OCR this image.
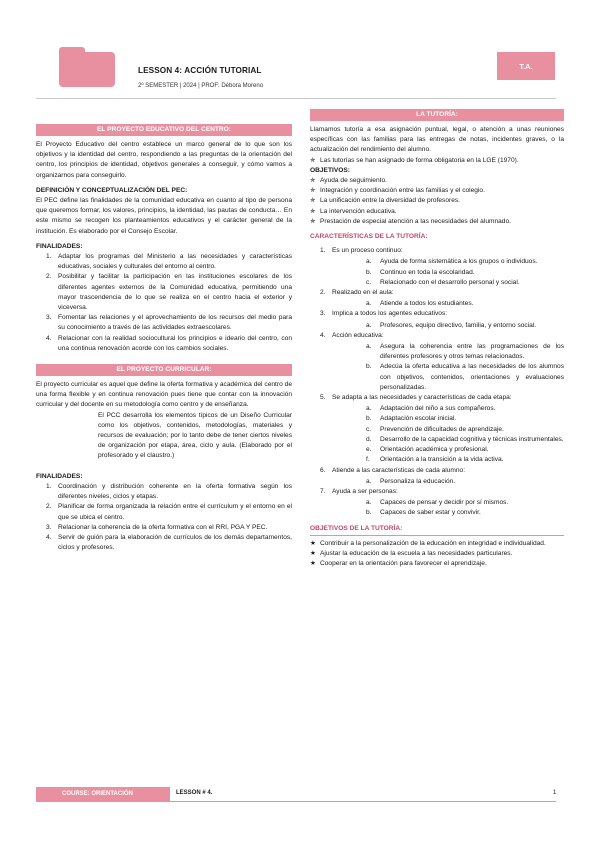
LESSON 4: ACCIÓN TUTORIAL
2º SEMESTER | 2024 | PROF: Débora Moreno
T.A.
EL PROYECTO EDUCATIVO DEL CENTRO:

El Proyecto Educativo del centro establece un marco general de lo que son los objetivos y la identidad del centro, respondiendo a las preguntas de la orientación del centro, los principios de identidad, objetivos generales a conseguir, y cómo vamos a organizarnos para conseguirlo.

DEFINICIÓN Y CONCEPTUALIZACIÓN DEL PEC:

El PEC define las finalidades de la comunidad educativa en cuanto al tipo de persona que queremos formar, los valores, principios, la identidad, las pautas de conducta… En este mismo se recogen los planteamientos educativos y el carácter general de la institución. Es elaborado por el Consejo Escolar.

FINALIDADES:
1. Adaptar los programas del Ministerio a las necesidades y características educativas, sociales y culturales del entorno al centro.
2. Posibilitar y facilitar la participación en las instituciones escolares de los diferentes agentes externos de la Comunidad educativa, permitiendo una mayor trascendencia de lo que se realiza en el centro hacia el exterior y viceversa.
3. Fomentar las relaciones y el aprovechamiento de los recursos del medio para su conocimiento a través de las actividades extraescolares.
4. Relacionar con la realidad sociocultural los principios e ideario del centro, con una continua renovación acorde con los cambios sociales.
EL PROYECTO CURRICULAR:

El proyecto curricular es aquel que define la oferta formativa y académica del centro de una forma flexible y en continua renovación pues tiene que contar con la innovación curricular y del docente en su metodología como centro y de enseñanza.

El PCC desarrolla los elementos típicos de un Diseño Curricular como los objetivos, contenidos, metodologías, materiales y recursos de evaluación; por lo tanto debe de tener ciertos niveles de organización por etapa, área, ciclo y aula. (Elaborado por el profesorado y el claustro.)

FINALIDADES:
1. Coordinación y distribución coherente en la oferta formativa según los diferentes niveles, ciclos y etapas.
2. Planificar de forma organizada la relación entre el currículum y el entorno en el que se ubica el centro.
3. Relacionar la coherencia de la oferta formativa con el RRI, PGA Y PEC.
4. Servir de guión para la elaboración de currículos de los demás departamentos, ciclos y profesores.
LA TUTORÍA:

Llamamos tutoría a esa asignación puntual, legal, o atención a unas reuniones específicas con las familias para las entregas de notas, incidentes graves, o la actualización del rendimiento del alumno.

✯ Las tutorías se han asignado de forma obligatoria en la LGE (1970).
OBJETIVOS:
✯ Ayuda de seguimiento.
✯ Integración y coordinación entre las familias y el colegio.
✯ La unificación entre la diversidad de profesores.
✯ La intervención educativa.
✯ Prestación de especial atención a las necesidades del alumnado.
CARACTERÍSTICAS DE LA TUTORÍA:
1. Es un proceso continuo:
a. Ayuda de forma sistemática a los grupos o individuos.
b. Continuo en toda la escolaridad.
c. Relacionado con el desarrollo personal y social.
2. Realizado en el aula:
a. Atiende a todos los estudiantes.
3. Implica a todos los agentes educativos:
a. Profesores, equipo directivo, familia, y entorno social.
4. Acción educativa:
a. Asegura la coherencia entre las programaciones de los diferentes profesores y otros temas relacionados.
b. Adecúa la oferta educativa a las necesidades de los alumnos con objetivos, contenidos, orientaciones y evaluaciones personalizadas.
5. Se adapta a las necesidades y características de cada etapa:
a. Adaptación del niño a sus compañeros.
b. Adaptación escolar inicial.
c. Prevención de dificultades de aprendizaje.
d. Desarrollo de la capacidad cognitiva y técnicas instrumentales.
e. Orientación académica y profesional.
f. Orientación a la transición a la vida activa.
6. Atiende a las características de cada alumno:
a. Personaliza la educación.
7. Ayuda a ser personas:
a. Capaces de pensar y decidir por sí mismos.
b. Capaces de saber estar y convivir.
OBJETIVOS DE LA TUTORÍA:
★ Contribuir a la personalización de la educación en integridad e individualidad.
★ Ajustar la educación de la escuela a las necesidades particulares.
★ Cooperar en la orientación para favorecer el aprendizaje.
COURSE: ORIENTACIÓN	LESSON # 4.	1
